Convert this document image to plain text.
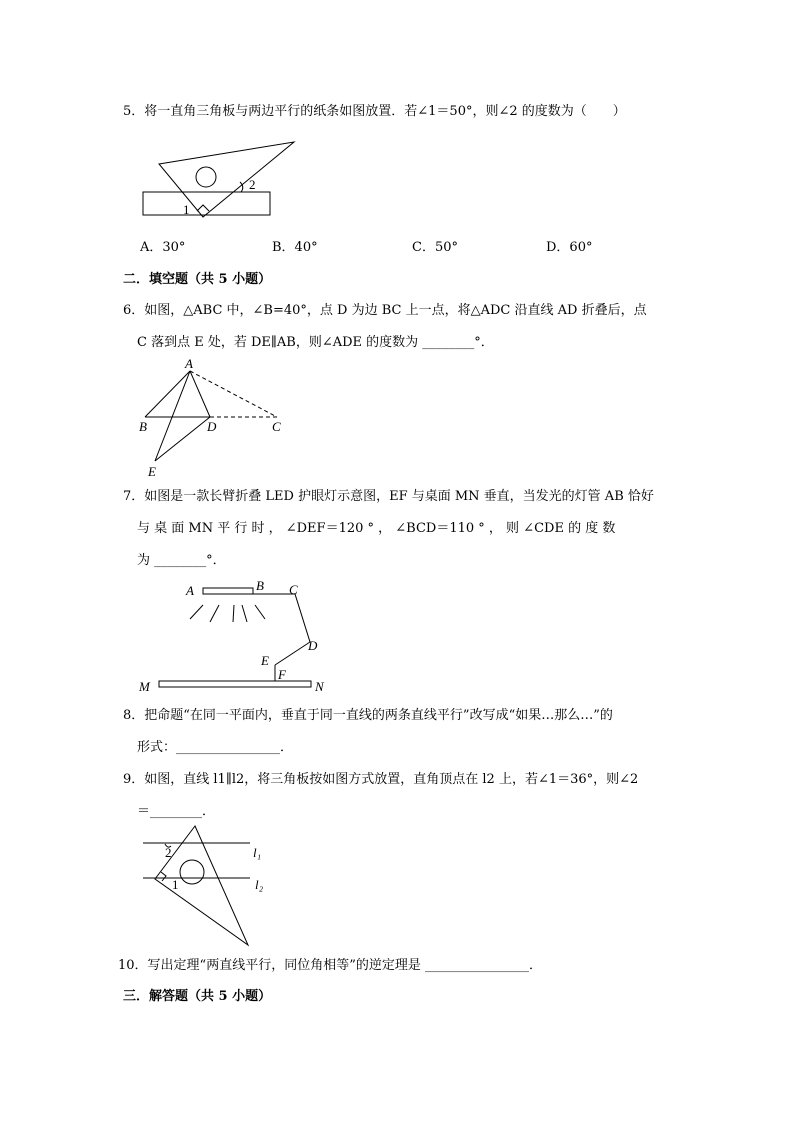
5．将一直角三角板与两边平行的纸条如图放置．若∠1＝50°，则∠2 的度数为（　　）
1
2
A．30°	B．40°	C．50°	D．60°
二．填空题（共 5 小题）
6．如图，△ABC 中，∠B=40°，点 D 为边 BC 上一点，将△ADC 沿直线 AD 折叠后，点
C 落到点 E 处，若 DE∥AB，则∠ADE 的度数为 ________°．
A
B	D	C
E
7．如图是一款长臂折叠 LED 护眼灯示意图，EF 与桌面 MN 垂直，当发光的灯管 AB 恰好
与 桌 面 MN 平 行 时 ， ∠DEF＝120 ° ， ∠BCD＝110 ° ， 则 ∠CDE 的 度 数
为 ________°．
A	B C
D
E
F
M	N
8．把命题“在同一平面内，垂直于同一直线的两条直线平行”改写成“如果…那么…”的
形式：________________．
9．如图，直线 l1∥l2，将三角板按如图方式放置，直角顶点在 l2 上，若∠1＝36°，则∠2
＝________．
2
1
l₁
l₂
10．写出定理“两直线平行，同位角相等”的逆定理是 ________________．
三．解答题（共 5 小题）
